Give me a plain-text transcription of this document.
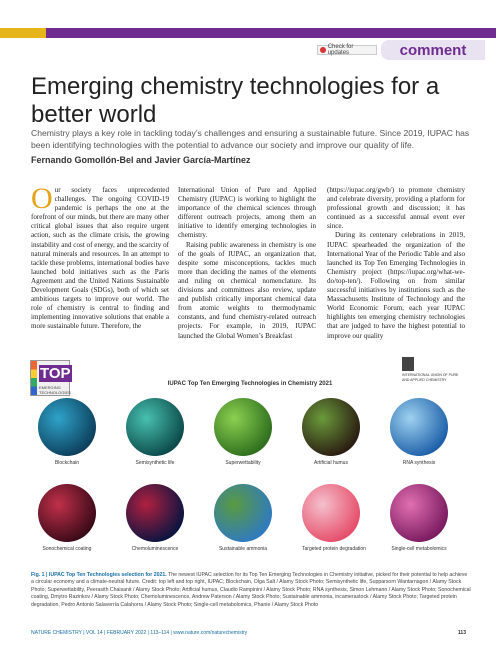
Check for updates	comment
Emerging chemistry technologies for a better world

Chemistry plays a key role in tackling today’s challenges and ensuring a sustainable future. Since 2019, IUPAC has been identifying technologies with the potential to advance our society and improve our quality of life.

Fernando Gomollón-Bel and Javier García-Martínez

Our society faces unprecedented challenges. The ongoing COVID-19 pandemic is perhaps the one at the forefront of our minds, but there are many other critical global issues that also require urgent action, such as the climate crisis, the growing instability and cost of energy, and the scarcity of natural minerals and resources. In an attempt to tackle these problems, international bodies have launched bold initiatives such as the Paris Agreement and the United Nations Sustainable Development Goals (SDGs), both of which set ambitious targets to improve our world. The role of chemistry is central to finding and implementing innovative solutions that enable a more sustainable future. Therefore, the

International Union of Pure and Applied Chemistry (IUPAC) is working to highlight the importance of the chemical sciences through different outreach projects, among them an initiative to identify emerging technologies in chemistry.

Raising public awareness in chemistry is one of the goals of IUPAC, an organization that, despite some misconceptions, tackles much more than deciding the names of the elements and ruling on chemical nomenclature. Its divisions and committees also review, update and publish critically important chemical data from atomic weights to thermodynamic constants, and fund chemistry-related outreach projects. For example, in 2019, IUPAC launched the Global Women’s Breakfast

(https://iupac.org/gwb/) to promote chemistry and celebrate diversity, providing a platform for professional growth and discussion; it has continued as a successful annual event ever since.

During its centenary celebrations in 2019, IUPAC spearheaded the organization of the International Year of the Periodic Table and also launched its Top Ten Emerging Technologies in Chemistry project (https://iupac.org/what-we-do/top-ten/). Following on from similar successful initiatives by institutions such as the Massachusetts Institute of Technology and the World Economic Forum, each year IUPAC highlights ten emerging chemistry technologies that are judged to have the highest potential to improve our quality

TOP
EMERGING TECHNOLOGIES
IUPAC Top Ten Emerging Technologies in Chemistry 2021
INTERNATIONAL UNION OF PURE AND APPLIED CHEMISTRY
Blockchain	Semisynthetic life	Superwettability	Artificial humus	RNA synthesis
Sonochemical coating	Chemoluminescence	Sustainable ammonia	Targeted protein degradation	Single-cell metabolomics
Fig. 1 | IUPAC Top Ten Technologies selection for 2021. The newest IUPAC selection for its Top Ten Emerging Technologies in Chemistry initiative, picked for their potential to help achieve a circular economy and a climate-neutral future. Credit: top left and top right, IUPAC; Blockchain, Olga Salt / Alamy Stock Photo; Semisynthetic life, Supparsorn Wantarnagon / Alamy Stock Photo; Superwettability, Peerasith Chaisanit / Alamy Stock Photo; Artificial humus, Claudio Rampinini / Alamy Stock Photo; RNA synthesis, Simon Lehmann / Alamy Stock Photo; Sonochemical coating, Dmytro Razinkov / Alamy Stock Photo; Chemoluminescence, Andrew Paterson / Alamy Stock Photo; Sustainable ammonia, incamerastock / Alamy Stock Photo; Targeted protein degradation, Pedro Antonio Salaverría Calahorra / Alamy Stock Photo; Single-cell metabolomics, Phanie / Alamy Stock Photo
NATURE CHEMISTRY | VOL 14 | FEBRUARY 2022 | 113–114 | www.nature.com/naturechemistry	113
